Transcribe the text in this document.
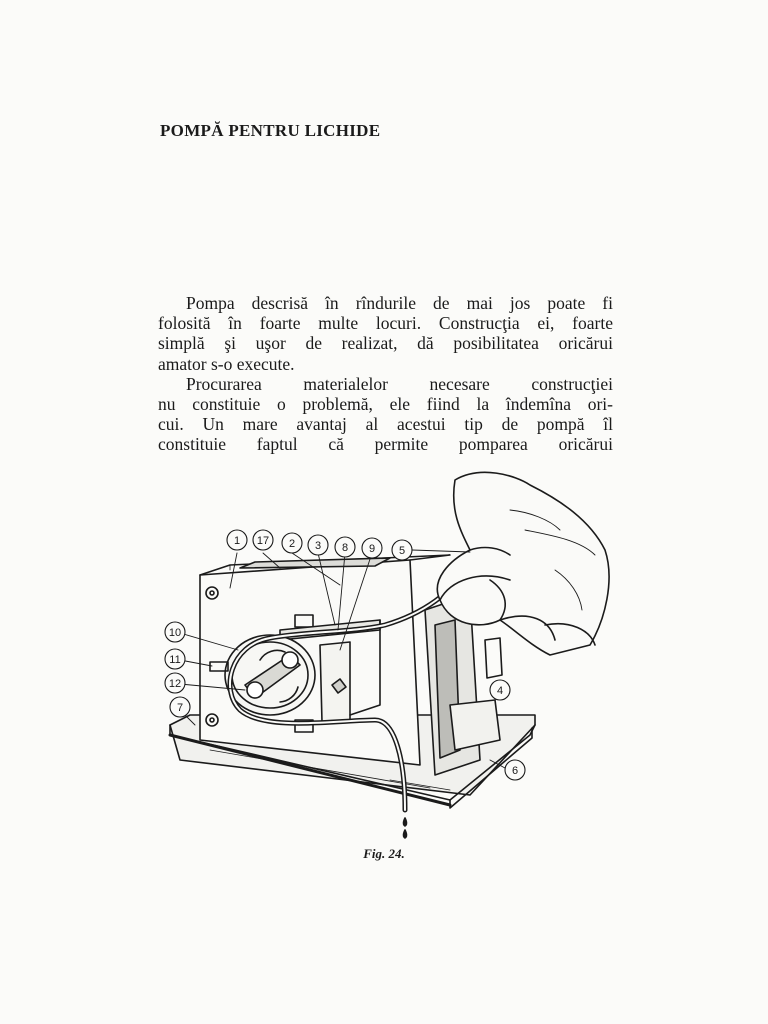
POMPĂ PENTRU LICHIDE
Pompa descrisă în rîndurile de mai jos poate fi
folosită în foarte multe locuri. Construcţia ei, foarte
simplă şi uşor de realizat, dă posibilitatea oricărui
amator s-o execute.
Procurarea materialelor necesare construcţiei
nu constituie o problemă, ele fiind la îndemîna ori-
cui. Un mare avantaj al acestui tip de pompă îl
constituie faptul că permite pomparea oricărui
1 17 2 3 8 9 5
10
11
12
7
4
6
Fig. 24.
